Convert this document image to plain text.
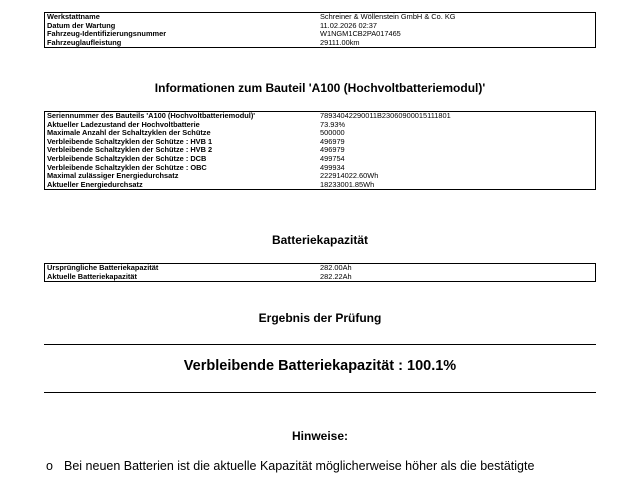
Werkstattname	Schreiner & Wöllenstein GmbH & Co. KG
Datum der Wartung	11.02.2026 02:37
Fahrzeug-Identifizierungsnummer	W1NGM1CB2PA017465
Fahrzeuglaufleistung	29111.00km
Informationen zum Bauteil 'A100 (Hochvoltbatteriemodul)'
Seriennummer des Bauteils 'A100 (Hochvoltbatteriemodul)'	78934042290011B23060900015111801
Aktueller Ladezustand der Hochvoltbatterie	73.93%
Maximale Anzahl der Schaltzyklen der Schütze	500000
Verbleibende Schaltzyklen der Schütze : HVB 1	496979
Verbleibende Schaltzyklen der Schütze : HVB 2	496979
Verbleibende Schaltzyklen der Schütze : DCB	499754
Verbleibende Schaltzyklen der Schütze : OBC	499934
Maximal zulässiger Energiedurchsatz	222914022.60Wh
Aktueller Energiedurchsatz	18233001.85Wh
Batteriekapazität
Ursprüngliche Batteriekapazität	282.00Ah
Aktuelle Batteriekapazität	282.22Ah
Ergebnis der Prüfung
Verbleibende Batteriekapazität : 100.1%
Hinweise:
o Bei neuen Batterien ist die aktuelle Kapazität möglicherweise höher als die bestätigte
